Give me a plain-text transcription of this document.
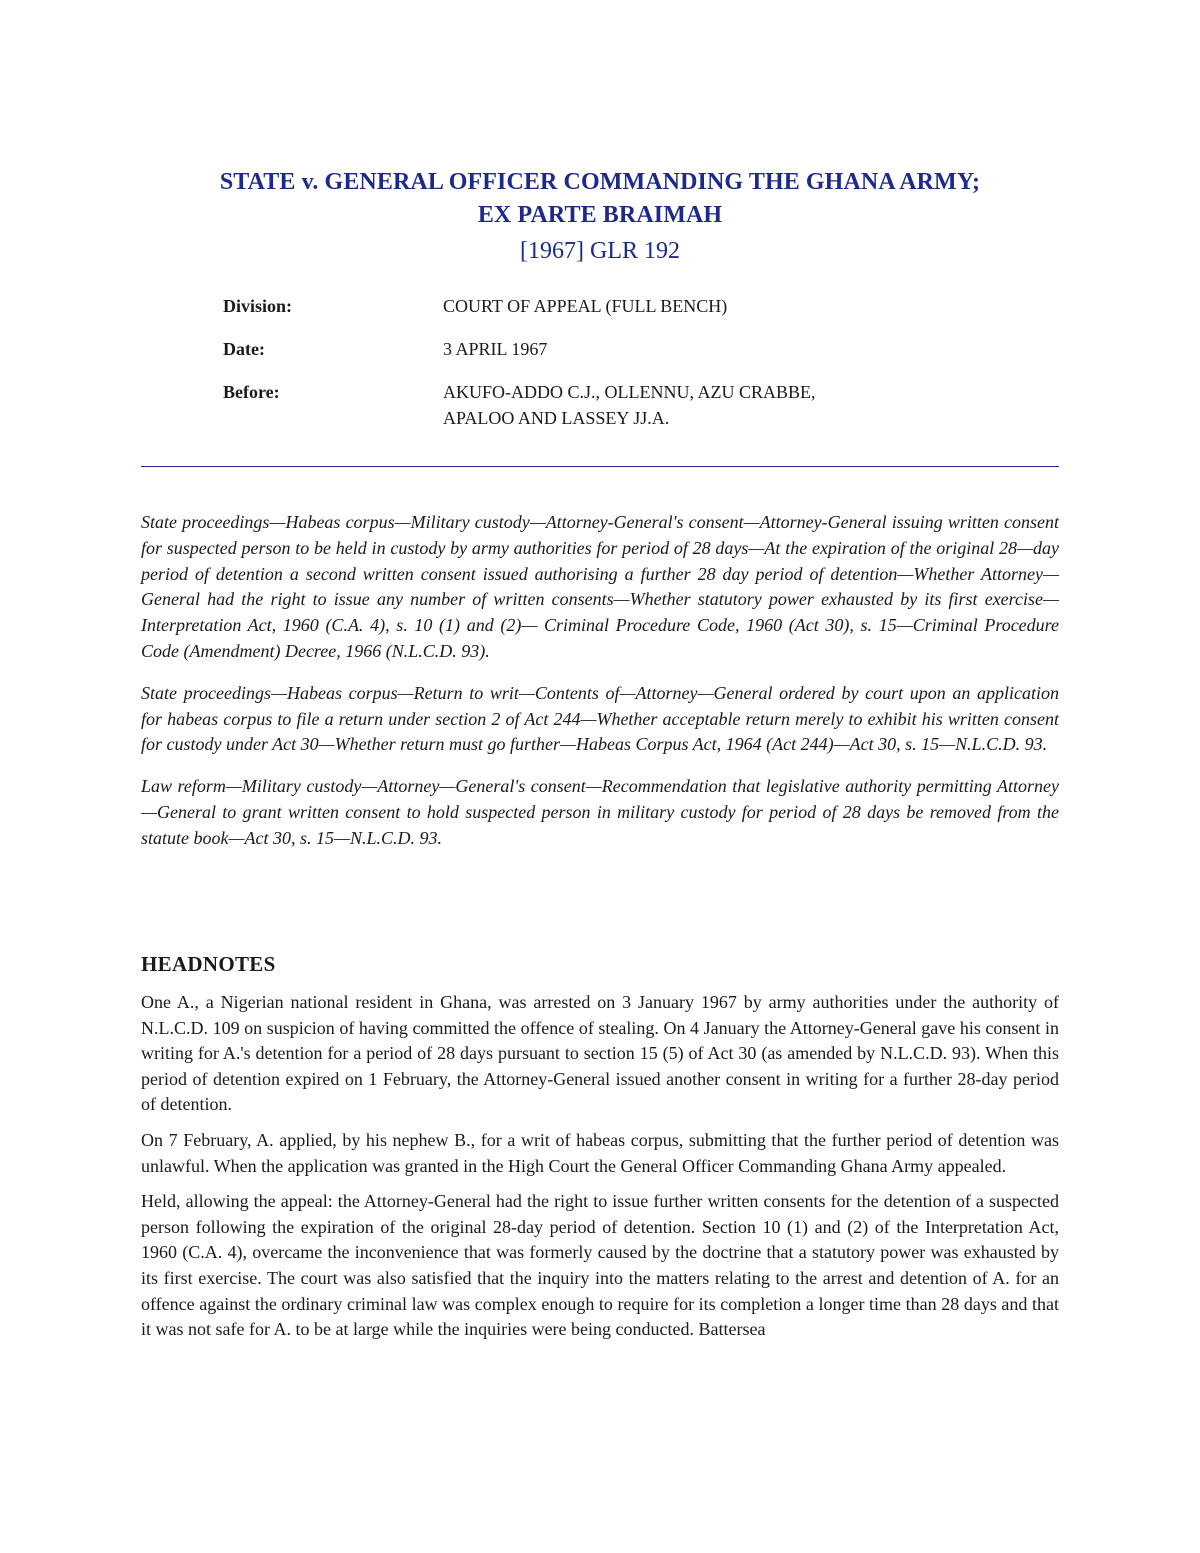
STATE v. GENERAL OFFICER COMMANDING THE GHANA ARMY;
EX PARTE BRAIMAH
[1967] GLR 192
Division:	COURT OF APPEAL (FULL BENCH)
Date:	3 APRIL 1967
Before:	AKUFO-ADDO C.J., OLLENNU, AZU CRABBE,
APALOO AND LASSEY JJ.A.

State proceedings—Habeas corpus—Military custody—Attorney-General's consent—Attorney-General issuing written consent for suspected person to be held in custody by army authorities for period of 28 days—At the expiration of the original 28—day period of detention a second written consent issued authorising a further 28 day period of detention—Whether Attorney—General had the right to issue any number of written consents—Whether statutory power exhausted by its first exercise—Interpretation Act, 1960 (C.A. 4), s. 10 (1) and (2)— Criminal Procedure Code, 1960 (Act 30), s. 15—Criminal Procedure Code (Amendment) Decree, 1966 (N.L.C.D. 93).

State proceedings—Habeas corpus—Return to writ—Contents of—Attorney—General ordered by court upon an application for habeas corpus to file a return under section 2 of Act 244—Whether acceptable return merely to exhibit his written consent for custody under Act 30—Whether return must go further—Habeas Corpus Act, 1964 (Act 244)—Act 30, s. 15—N.L.C.D. 93.

Law reform—Military custody—Attorney—General's consent—Recommendation that legislative authority permitting Attorney—General to grant written consent to hold suspected person in military custody for period of 28 days be removed from the statute book—Act 30, s. 15—N.L.C.D. 93.

HEADNOTES

One A., a Nigerian national resident in Ghana, was arrested on 3 January 1967 by army authorities under the authority of N.L.C.D. 109 on suspicion of having committed the offence of stealing. On 4 January the Attorney-General gave his consent in writing for A.'s detention for a period of 28 days pursuant to section 15 (5) of Act 30 (as amended by N.L.C.D. 93). When this period of detention expired on 1 February, the Attorney-General issued another consent in writing for a further 28-day period of detention.

On 7 February, A. applied, by his nephew B., for a writ of habeas corpus, submitting that the further period of detention was unlawful. When the application was granted in the High Court the General Officer Commanding Ghana Army appealed.

Held, allowing the appeal: the Attorney-General had the right to issue further written consents for the detention of a suspected person following the expiration of the original 28-day period of detention. Section 10 (1) and (2) of the Interpretation Act, 1960 (C.A. 4), overcame the inconvenience that was formerly caused by the doctrine that a statutory power was exhausted by its first exercise. The court was also satisfied that the inquiry into the matters relating to the arrest and detention of A. for an offence against the ordinary criminal law was complex enough to require for its completion a longer time than 28 days and that it was not safe for A. to be at large while the inquiries were being conducted. Battersea
